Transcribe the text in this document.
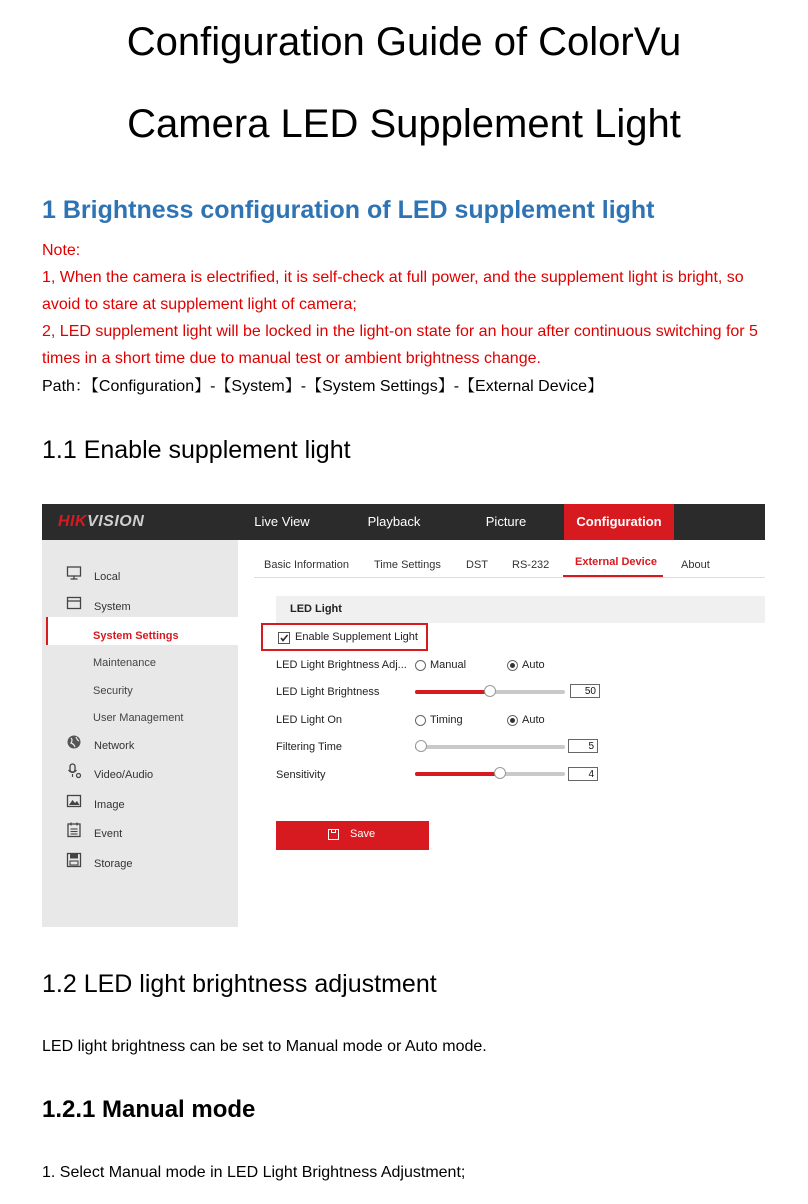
Configuration Guide of ColorVu
Camera LED Supplement Light
1 Brightness configuration of LED supplement light
Note:
1, When the camera is electrified, it is self-check at full power, and the supplement light is bright, so avoid to stare at supplement light of camera;
2, LED supplement light will be locked in the light-on state for an hour after continuous switching for 5 times in a short time due to manual test or ambient brightness change.
Path：【Configuration】-【System】-【System Settings】-【External Device】
1.1 Enable supplement light
HIKVISION	Live View	Playback	Picture	Configuration
Local
System
System Settings
Maintenance
Security
User Management
Network
Video/Audio
Image
Event
Storage
Basic Information Time Settings DST RS-232 External Device About
LED Light
Enable Supplement Light
LED Light Brightness Adj... Manual	Auto
LED Light Brightness	50
LED Light On	Timing	Auto
Filtering Time	5
Sensitivity	4
Save
1.2 LED light brightness adjustment

LED light brightness can be set to Manual mode or Auto mode.

1.2.1 Manual mode

1. Select Manual mode in LED Light Brightness Adjustment;
